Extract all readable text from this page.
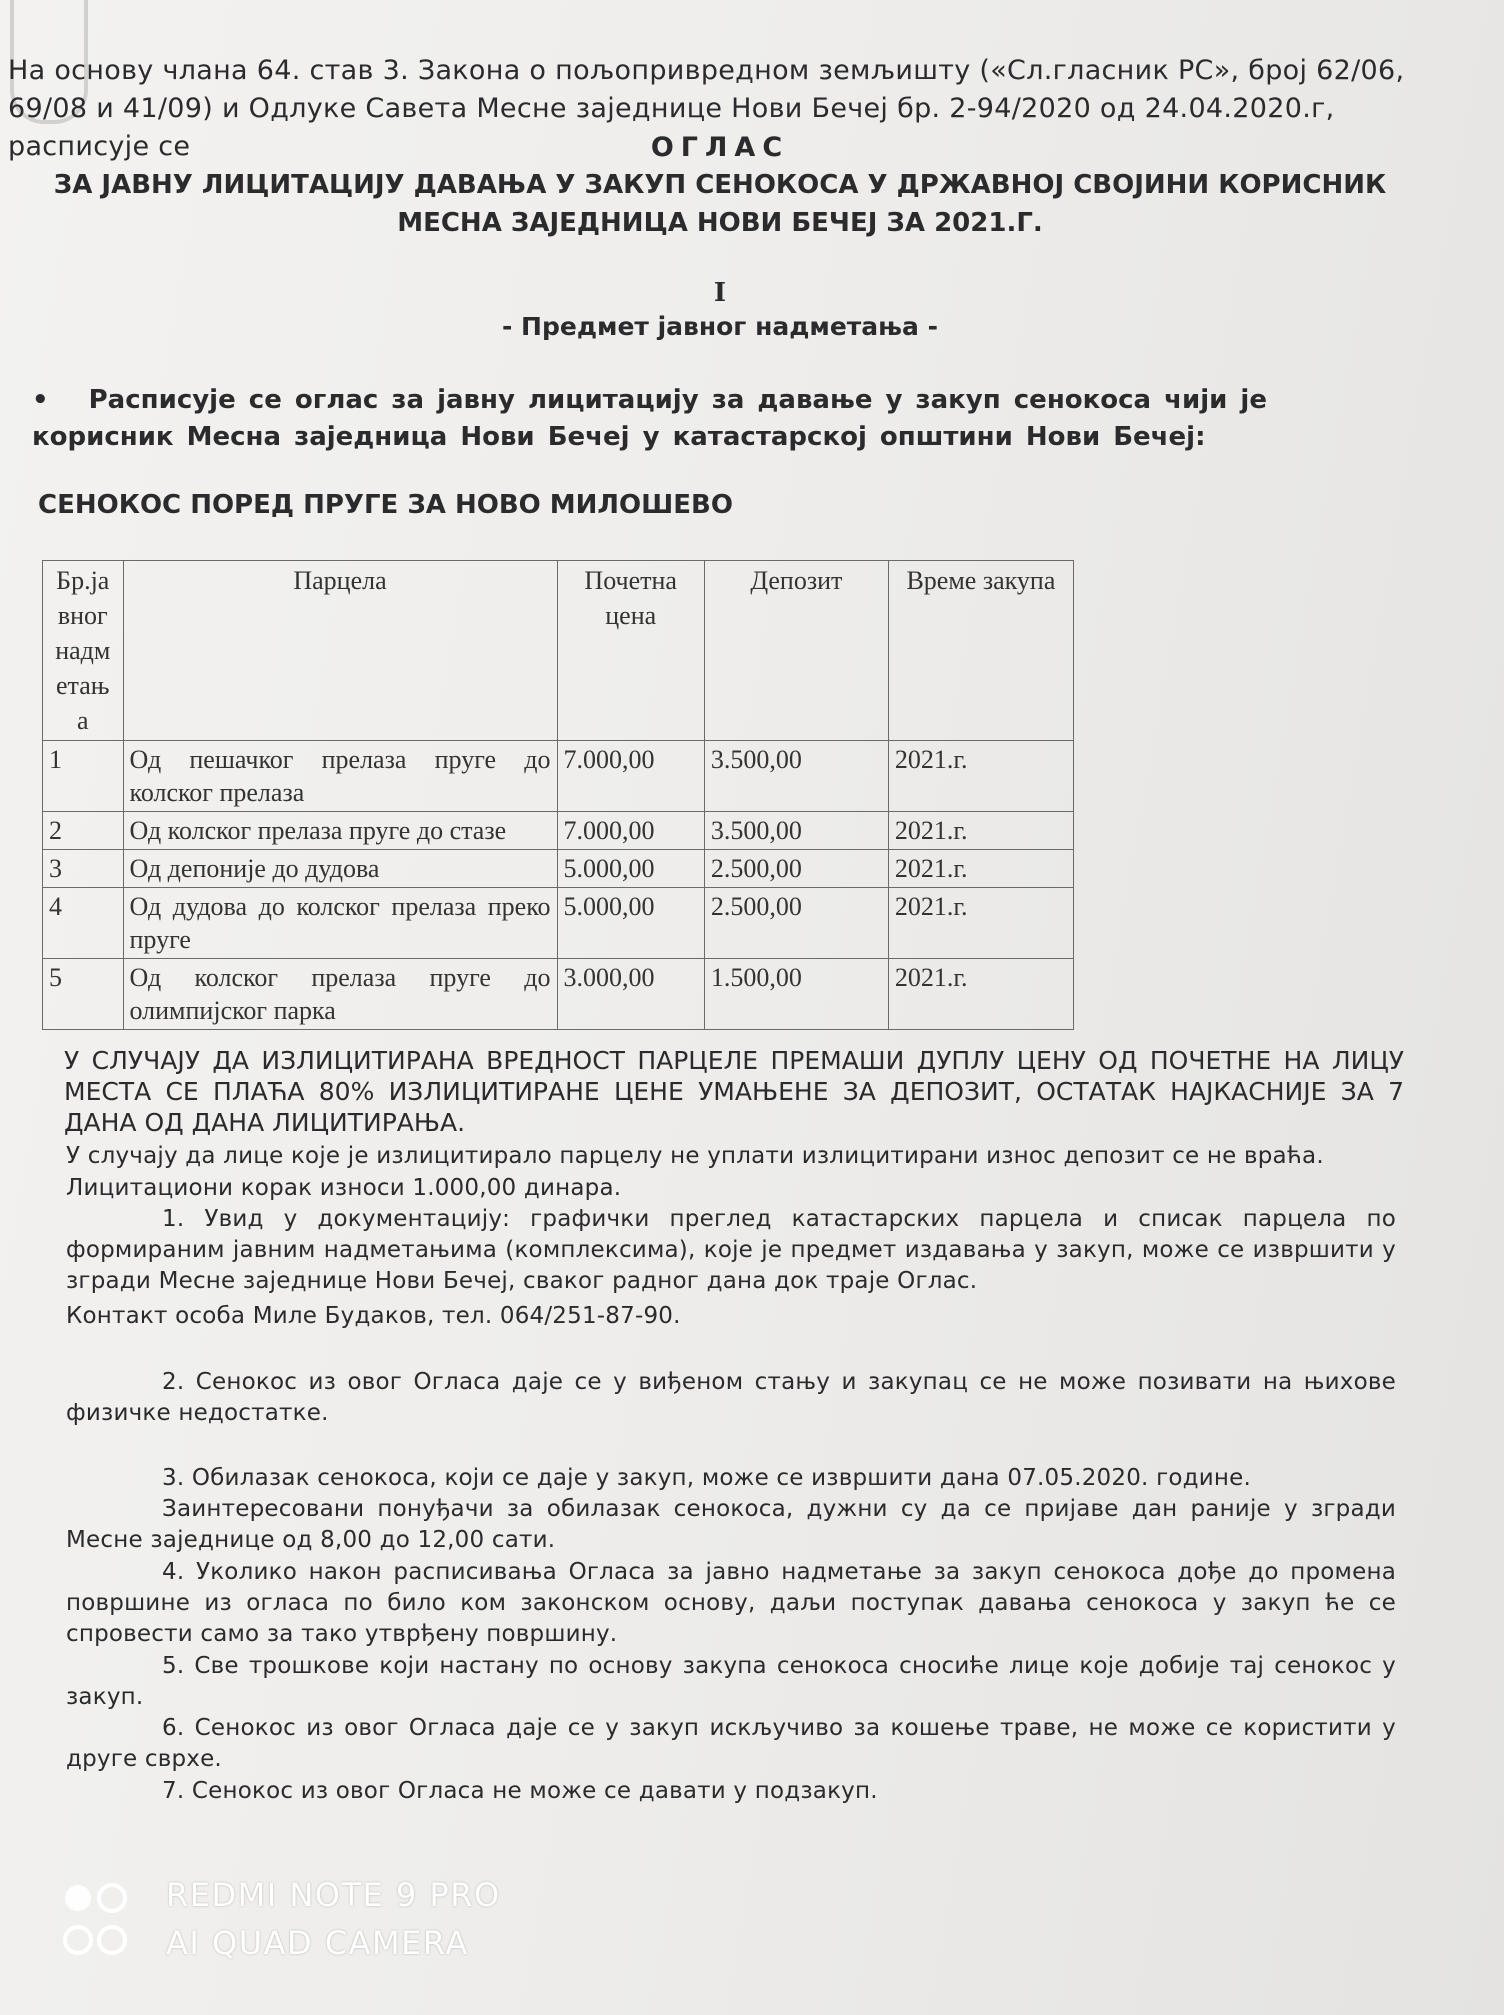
На основу члана 64. став 3. Закона о пољопривредном земљишту («Сл.гласник РС», број 62/06, 69/08 и 41/09) и Одлуке Савета Месне заједнице Нови Бечеј бр. 2-94/2020 од 24.04.2020.г, расписује се	ОГЛАС
ЗА ЈАВНУ ЛИЦИТАЦИЈУ ДАВАЊА У ЗАКУП СЕНОКОСА У ДРЖАВНОЈ СВОЈИНИ КОРИСНИК МЕСНА ЗАЈЕДНИЦА НОВИ БЕЧЕЈ ЗА 2021.Г.
I
- Предмет јавног надметања -
• Расписује се оглас за јавну лицитацију за давање у закуп сенокоса чији је корисник Месна заједница Нови Бечеј у катастарској општини Нови Бечеј:
СЕНОКОС ПОРЕД ПРУГЕ ЗА НОВО МИЛОШЕВО
Бр.ја вног надм етањ а	Парцела	Почетна цена	Депозит	Време закупа
1	Од пешачког прелаза пруге до колског прелаза	7.000,00	3.500,00	2021.г.
2	Од колског прелаза пруге до стазе	7.000,00	3.500,00	2021.г.
3	Од депоније до дудова	5.000,00	2.500,00	2021.г.
4	Од дудова до колског прелаза преко пруге	5.000,00	2.500,00	2021.г.
5	Од колског прелаза пруге до олимпијског парка	3.000,00	1.500,00	2021.г.
У СЛУЧАЈУ ДА ИЗЛИЦИТИРАНА ВРЕДНОСТ ПАРЦЕЛЕ ПРЕМАШИ ДУПЛУ ЦЕНУ ОД ПОЧЕТНЕ НА ЛИЦУ МЕСТА СЕ ПЛАЋА 80% ИЗЛИЦИТИРАНЕ ЦЕНЕ УМАЊЕНЕ ЗА ДЕПОЗИТ, ОСТАТАК НАЈКАСНИЈЕ ЗА 7 ДАНА ОД ДАНА ЛИЦИТИРАЊА.
У случају да лице које је излицитирало парцелу не уплати излицитирани износ депозит се не враћа.
Лицитациони корак износи 1.000,00 динара.
1. Увид у документацију: графички преглед катастарских парцела и списак парцела по формираним јавним надметањима (комплексима), које је предмет издавања у закуп, може се извршити у згради Месне заједнице Нови Бечеј, сваког радног дана док траје Оглас.
Контакт особа Миле Будаков, тел. 064/251-87-90.
2. Сенокос из овог Огласа даје се у виђеном стању и закупац се не може позивати на њихове физичке недостатке.
3. Обилазак сенокоса, који се даје у закуп, може се извршити дана 07.05.2020. године.
Заинтересовани понуђачи за обилазак сенокоса, дужни су да се пријаве дан раније у згради Месне заједнице од 8,00 до 12,00 сати.
4. Уколико након расписивања Огласа за јавно надметање за закуп сенокоса дође до промена површине из огласа по било ком законском основу, даљи поступак давања сенокоса у закуп ће се спровести само за тако утврђену површину.
5. Све трошкове који настану по основу закупа сенокоса сносиће лице које добије тај сенокос у закуп.
6. Сенокос из овог Огласа даје се у закуп искључиво за кошење траве, не може се користити у друге сврхе.
7. Сенокос из овог Огласа не може се давати у подзакуп.
REDMI NOTE 9 PRO
AI QUAD CAMERA
